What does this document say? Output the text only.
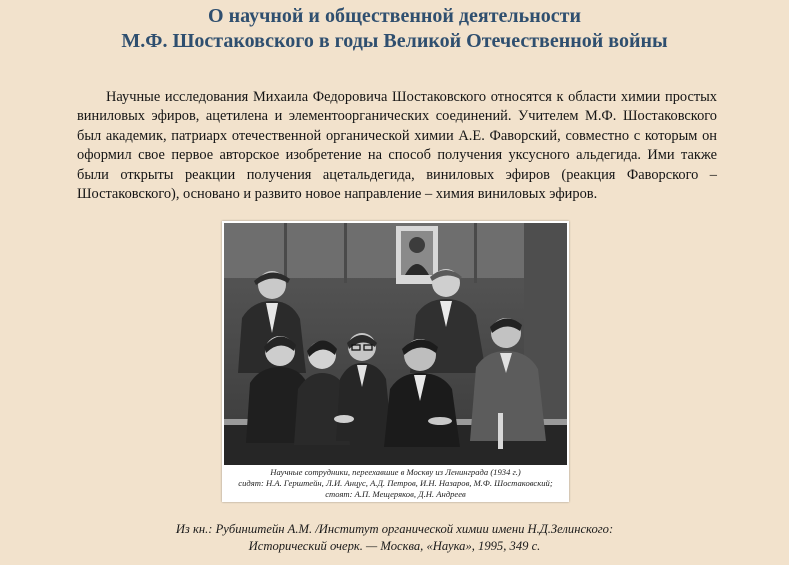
О научной и общественной деятельности
М.Ф. Шостаковского в годы Великой Отечественной войны

Научные исследования Михаила Федоровича Шостаковского относятся к области химии простых виниловых эфиров, ацетилена и элементоорганических соединений. Учителем М.Ф. Шостаковского был академик, патриарх отечественной органической химии А.Е. Фаворский, совместно с которым он оформил свое первое авторское изобретение на способ получения уксусного альдегида. Ими также были открыты реакции получения ацетальдегида, виниловых эфиров (реакция Фаворского – Шостаковского), основано и развито новое направление – химия виниловых эфиров.

Научные сотрудники, переехавшие в Москву из Ленинграда (1934 г.)
сидят: Н.А. Герштейн, Л.И. Анцус, А.Д. Петров, И.Н. Назаров, М.Ф. Шостаковский;
стоят: А.П. Мещеряков, Д.Н. Андреев
Из кн.: Рубинштейн А.М. /Институт органической химии имени Н.Д.Зелинского:
Исторический очерк. — Москва, «Наука», 1995, 349 с.
